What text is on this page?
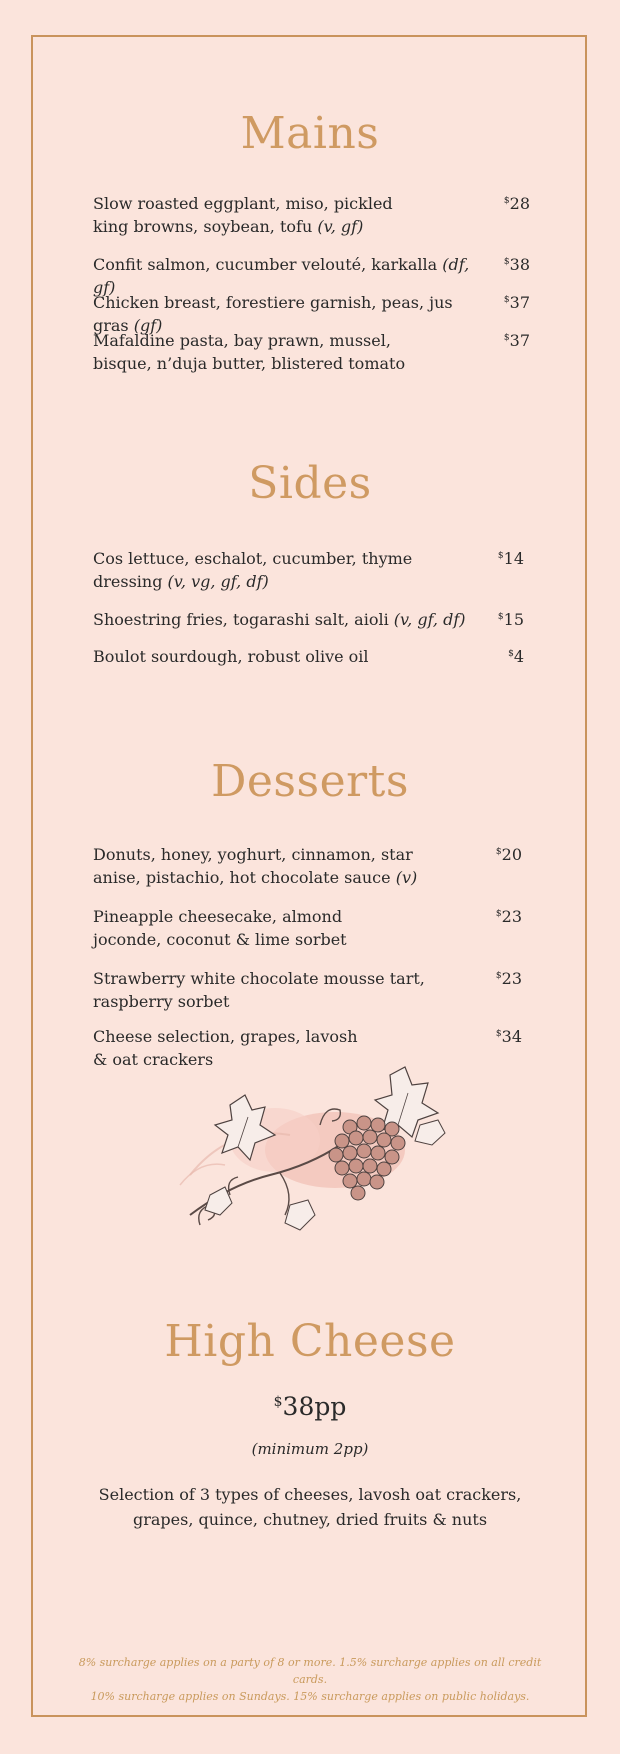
Mains
Slow roasted eggplant, miso, pickled king browns, soybean, tofu (v, gf)
$28
Confit salmon, cucumber velouté, karkalla (df, gf)
$38
Chicken breast, forestiere garnish, peas, jus gras (gf)
$37
Mafaldine pasta, bay prawn, mussel, bisque, n’duja butter, blistered tomato
$37
Sides
Cos lettuce, eschalot, cucumber, thyme dressing (v, vg, gf, df)
$14
Shoestring fries, togarashi salt, aioli (v, gf, df)	$15
Boulot sourdough, robust olive oil	$4
Desserts
Donuts, honey, yoghurt, cinnamon, star anise, pistachio, hot chocolate sauce (v)
$20
Pineapple cheesecake, almond joconde, coconut & lime sorbet
$23
Strawberry white chocolate mousse tart, raspberry sorbet
$23
Cheese selection, grapes, lavosh & oat crackers
$34
High Cheese
$38pp
(minimum 2pp)
Selection of 3 types of cheeses, lavosh oat crackers, grapes, quince, chutney, dried fruits & nuts
8% surcharge applies on a party of 8 or more. 1.5% surcharge applies on all credit cards.
10% surcharge applies on Sundays. 15% surcharge applies on public holidays.
